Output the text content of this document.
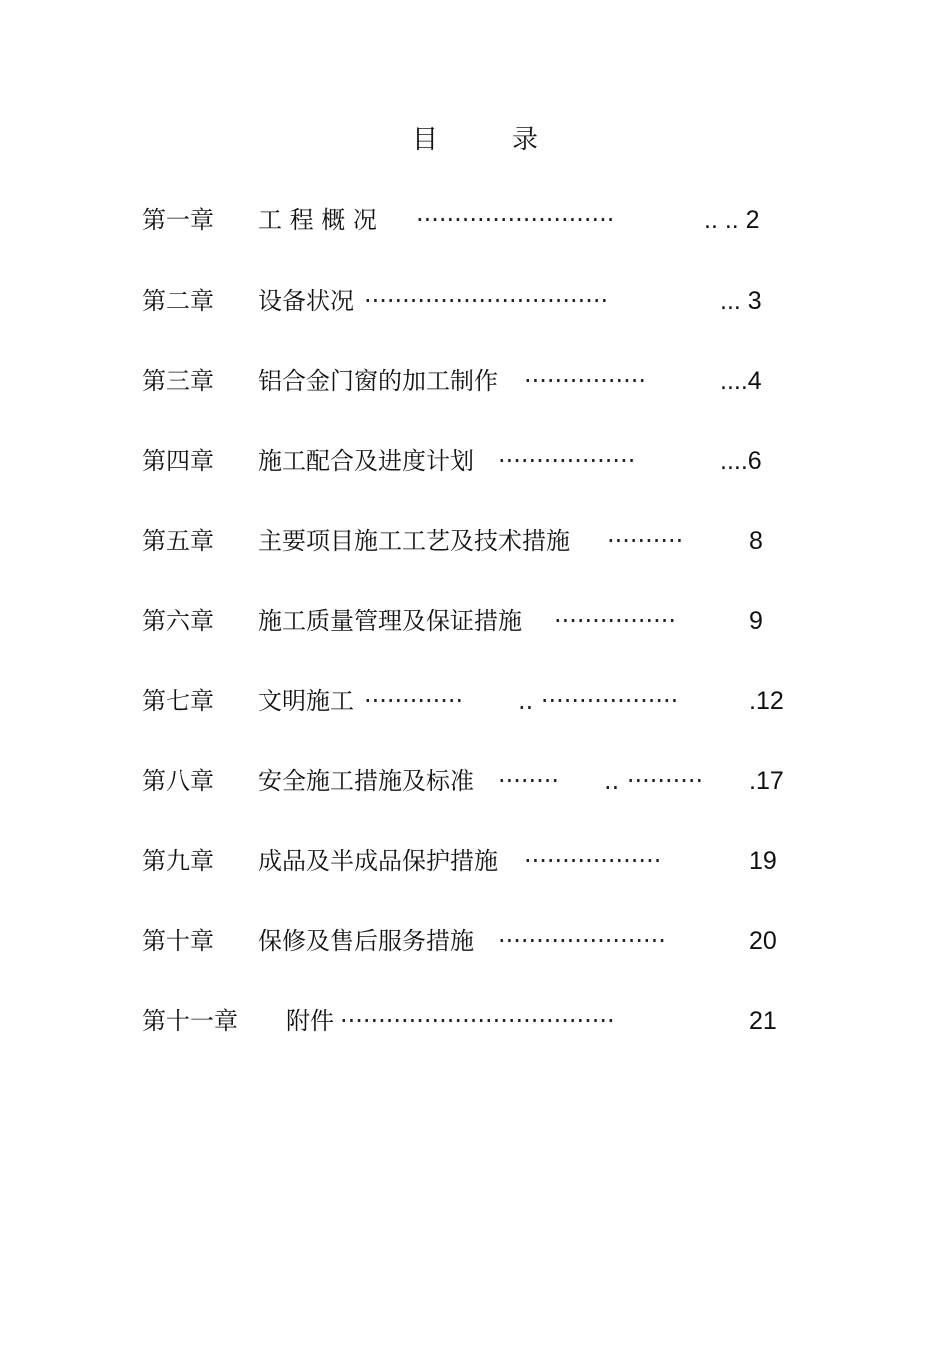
目	录
第一章 工 程 概 况 ··························	.. .. 2
第二章 设备状况 ································	... 3
第三章 铝合金门窗的加工制作 ················	....4
第四章 施工配合及进度计划 ··················	....6
第五章 主要项目施工工艺及技术措施 ··········	8
第六章 施工质量管理及保证措施 ················	9
第七章 文明施工 ············· .. ··················	.12
第八章 安全施工措施及标准 ········ .. ·········· .17
第九章 成品及半成品保护措施 ··················	19
第十章 保修及售后服务措施 ······················	20
第十一章 附件 ····································	21
